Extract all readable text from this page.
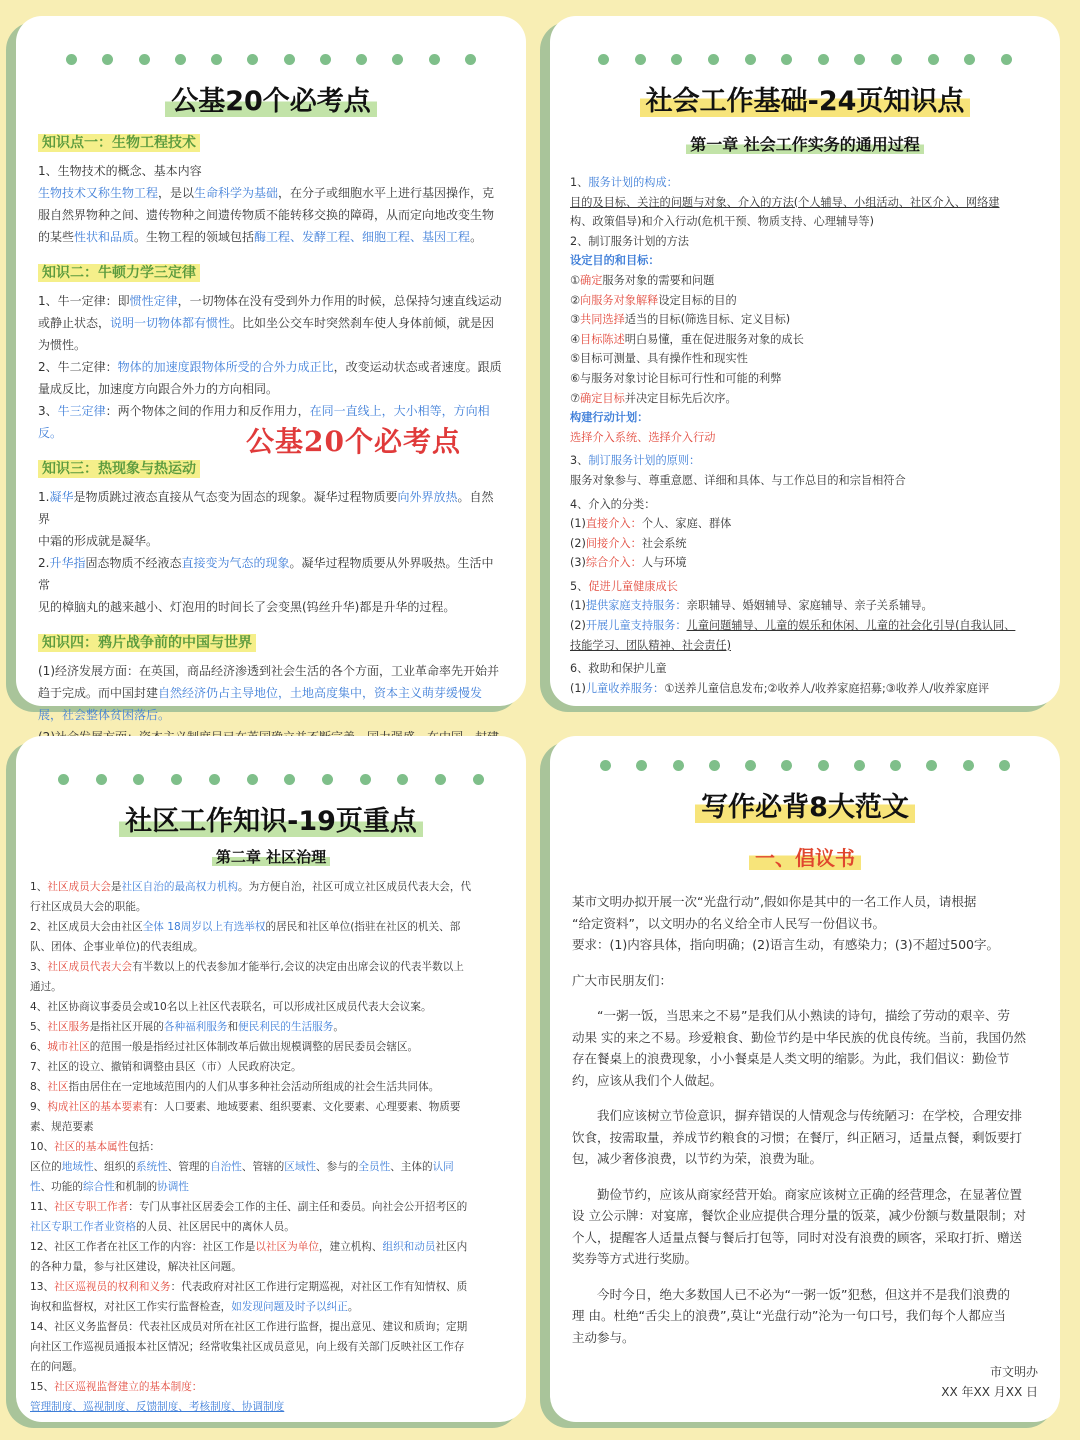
公基20个必考点
知识点一：生物工程技术

1、生物技术的概念、基本内容

生物技术又称生物工程，是以生命科学为基础，在分子或细胞水平上进行基因操作，克

服自然界物种之间、遗传物种之间遗传物质不能转移交换的障碍，从而定向地改变生物

的某些性状和品质。生物工程的领域包括酶工程、发酵工程、细胞工程、基因工程。

知识二：牛顿力学三定律

1、牛一定律：即惯性定律，一切物体在没有受到外力作用的时候，总保持匀速直线运动

或静止状态，说明一切物体都有惯性。比如坐公交车时突然刹车使人身体前倾，就是因

为惯性。

2、牛二定律：物体的加速度跟物体所受的合外力成正比，改变运动状态或者速度。跟质

量成反比，加速度方向跟合外力的方向相同。

3、牛三定律：两个物体之间的作用力和反作用力，在同一直线上，大小相等，方向相

反。

知识三：热现象与热运动

1.凝华是物质跳过液态直接从气态变为固态的现象。凝华过程物质要向外界放热。自然界

中霜的形成就是凝华。

2.升华指固态物质不经液态直接变为气态的现象。凝华过程物质要从外界吸热。生活中常

见的樟脑丸的越来越小、灯泡用的时间长了会变黑(钨丝升华)都是升华的过程。

知识四：鸦片战争前的中国与世界

(1)经济发展方面：在英国，商品经济渗透到社会生活的各个方面，工业革命率先开始并

趋于完成。而中国封建自然经济仍占主导地位，土地高度集中，资本主义萌芽缓慢发

展，社会整体贫困落后。

公基20个必考点
社会工作基础-24页知识点
第一章 社会工作实务的通用过程

1、服务计划的构成：

目的及目标、关注的问题与对象、介入的方法(个人辅导、小组活动、社区介入、网络建

构、政策倡导)和介入行动(危机干预、物质支持、心理辅导等)

2、制订服务计划的方法

设定目的和目标：

①确定服务对象的需要和问题

②向服务对象解释设定目标的目的

③共同选择适当的目标(筛选目标、定义目标)

④目标陈述明白易懂，重在促进服务对象的成长

⑤目标可测量、具有操作性和现实性

⑥与服务对象讨论目标可行性和可能的利弊

⑦确定目标并决定目标先后次序。

构建行动计划：

选择介入系统、选择介入行动

3、制订服务计划的原则：

服务对象参与、尊重意愿、详细和具体、与工作总目的和宗旨相符合

4、介入的分类：

(1)直接介入：个人、家庭、群体

(2)间接介入：社会系统

(3)综合介入：人与环境

5、促进儿童健康成长

(1)提供家庭支持服务：亲职辅导、婚姻辅导、家庭辅导、亲子关系辅导。

(2)开展儿童支持服务：儿童问题辅导、儿童的娱乐和休闲、儿童的社会化引导(自我认同、

技能学习、团队精神、社会责任)

6、救助和保护儿童

(1)儿童收养服务：①送养儿童信息发布;②收养人/收养家庭招募;③收养人/收养家庭评

社区工作知识-19页重点
第二章 社区治理

1、社区成员大会是社区自治的最高权力机构。为方便自治，社区可成立社区成员代表大会，代

行社区成员大会的职能。

2、社区成员大会由社区全体 18周岁以上有选举权的居民和社区单位(指驻在社区的机关、部

队、团体、企事业单位)的代表组成。

3、社区成员代表大会有半数以上的代表参加才能举行,会议的决定由出席会议的代表半数以上

通过。

4、社区协商议事委员会或10名以上社区代表联名，可以形成社区成员代表大会议案。

5、社区服务是指社区开展的各种福利服务和便民利民的生活服务。

6、城市社区的范围一般是指经过社区体制改革后做出规模调整的居民委员会辖区。

7、社区的设立、撤销和调整由县区（市）人民政府决定。

8、社区指由居住在一定地域范围内的人们从事多种社会活动所组成的社会生活共同体。

9、构成社区的基本要素有：人口要素、地域要素、组织要素、文化要素、心理要素、物质要

素、规范要素

10、社区的基本属性包括：

区位的地域性、组织的系统性、管理的自治性、管辖的区域性、参与的全员性、主体的认同

性、功能的综合性和机制的协调性

11、社区专职工作者：专门从事社区居委会工作的主任、副主任和委员。向社会公开招考区的

社区专职工作者业资格的人员、社区居民中的离休人员。

12、社区工作者在社区工作的内容：社区工作是以社区为单位，建立机构、组织和动员社区内

的各种力量，参与社区建设，解决社区问题。

13、社区巡视员的权利和义务：代表政府对社区工作进行定期巡视，对社区工作有知情权、质

询权和监督权，对社区工作实行监督检查，如发现问题及时予以纠正。

14、社区义务监督员：代表社区成员对所在社区工作进行监督，提出意见、建议和质询；定期

向社区工作巡视员通报本社区情况；经常收集社区成员意见，向上级有关部门反映社区工作存

在的问题。

15、社区巡视监督建立的基本制度：

管理制度、巡视制度、反馈制度、考核制度、协调制度

写作必背8大范文
一、倡议书

某市文明办拟开展一次“光盘行动”,假如你是其中的一名工作人员，请根据

“给定资料”，以文明办的名义给全市人民写一份倡议书。

要求：(1)内容具体，指向明确；(2)语言生动，有感染力；(3)不超过500字。

广大市民朋友们：

“一粥一饭，当思来之不易”是我们从小熟读的诗句，描绘了劳动的艰辛、劳

动果 实的来之不易。珍爱粮食、勤俭节约是中华民族的优良传统。当前，我国仍然

存在餐桌上的浪费现象，小小餐桌是人类文明的缩影。为此，我们倡议：勤俭节

约，应该从我们个人做起。

我们应该树立节俭意识，摒弃错误的人情观念与传统陋习：在学校，合理安排

饮食，按需取量，养成节约粮食的习惯；在餐厅，纠正陋习，适量点餐，剩饭要打

包，减少奢侈浪费，以节约为荣，浪费为耻。

勤俭节约，应该从商家经营开始。商家应该树立正确的经营理念，在显著位置

设 立公示牌：对宴席，餐饮企业应提供合理分量的饭菜，减少份额与数量限制；对

个人，提醒客人适量点餐与餐后打包等，同时对没有浪费的顾客，采取打折、赠送

奖券等方式进行奖励。

今时今日，绝大多数国人已不必为“一粥一饭”犯愁，但这并不是我们浪费的

理 由。杜绝“舌尖上的浪费”,莫让“光盘行动”沦为一句口号，我们每个人都应当

主动参与。

市文明办
XX 年XX 月XX 日
